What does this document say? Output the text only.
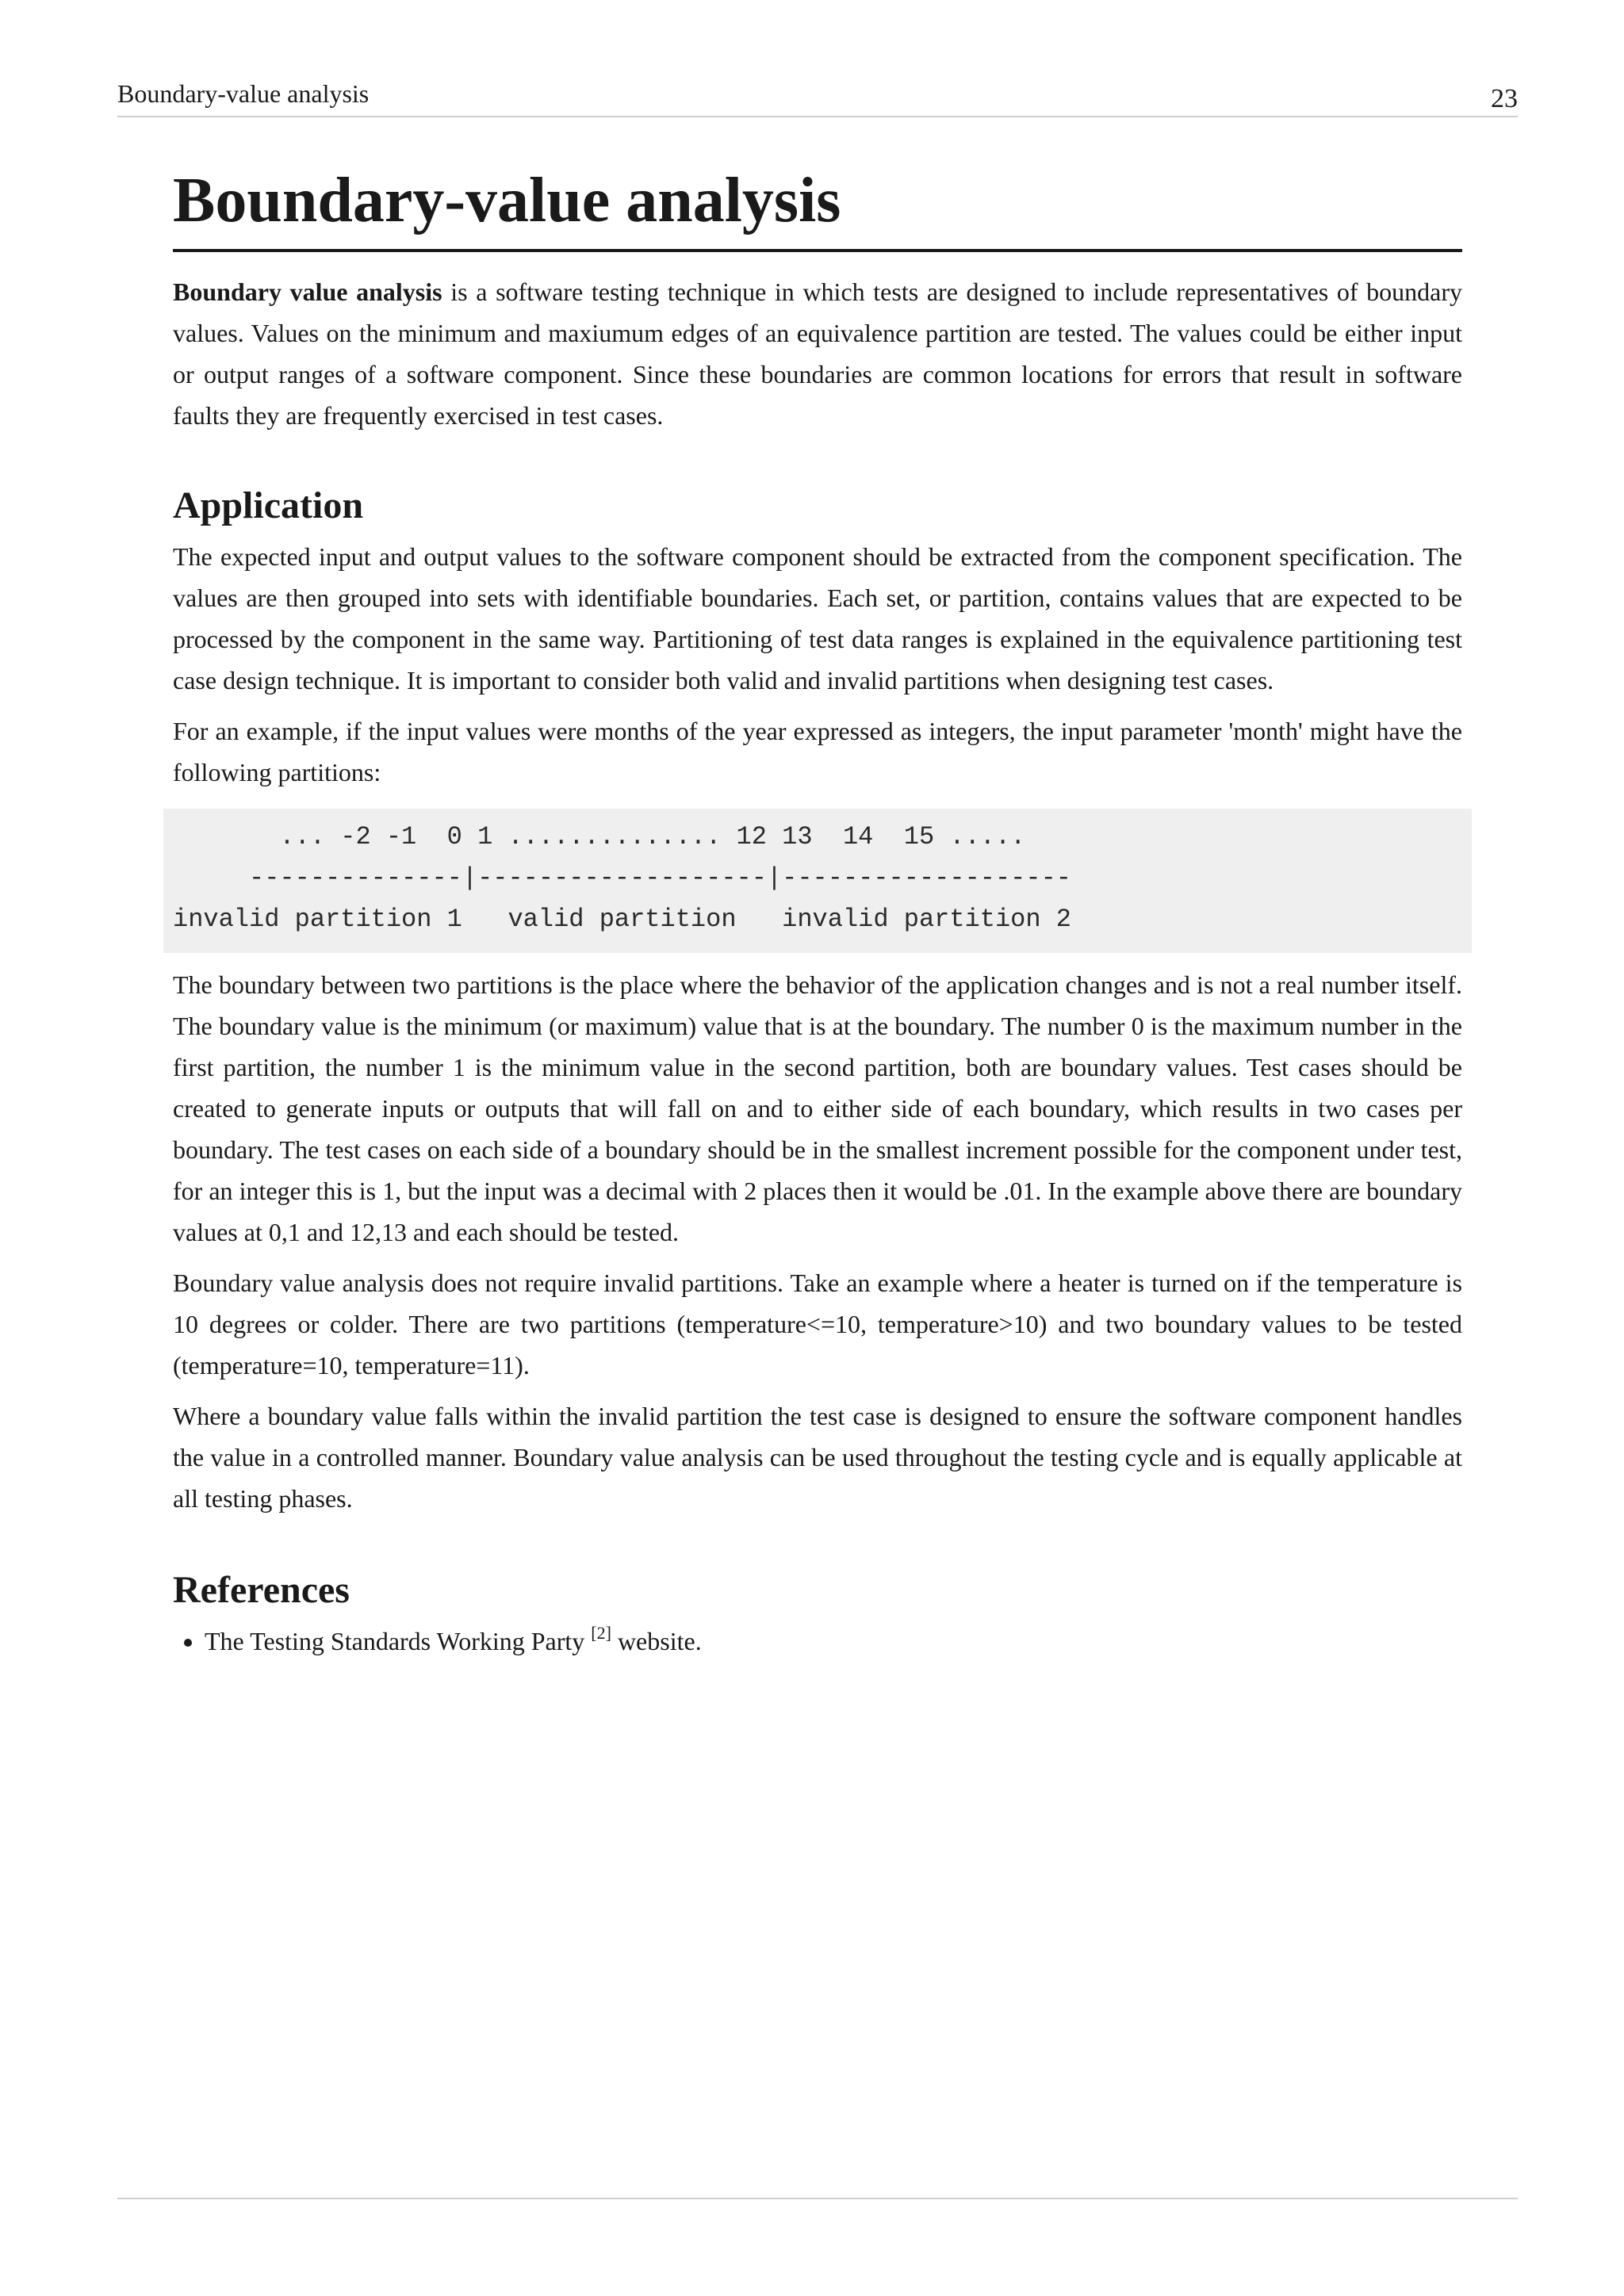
Boundary-value analysis	23
Boundary-value analysis

Boundary value analysis is a software testing technique in which tests are designed to include representatives of boundary values. Values on the minimum and maxiumum edges of an equivalence partition are tested. The values could be either input or output ranges of a software component. Since these boundaries are common locations for errors that result in software faults they are frequently exercised in test cases.

Application

The expected input and output values to the software component should be extracted from the component specification. The values are then grouped into sets with identifiable boundaries. Each set, or partition, contains values that are expected to be processed by the component in the same way. Partitioning of test data ranges is explained in the equivalence partitioning test case design technique. It is important to consider both valid and invalid partitions when designing test cases.

For an example, if the input values were months of the year expressed as integers, the input parameter 'month' might have the following partitions:

... -2 -1  0 1 .............. 12 13  14  15 .....
--------------|-------------------|-------------------
invalid partition 1   valid partition   invalid partition 2

The boundary between two partitions is the place where the behavior of the application changes and is not a real number itself. The boundary value is the minimum (or maximum) value that is at the boundary. The number 0 is the maximum number in the first partition, the number 1 is the minimum value in the second partition, both are boundary values. Test cases should be created to generate inputs or outputs that will fall on and to either side of each boundary, which results in two cases per boundary. The test cases on each side of a boundary should be in the smallest increment possible for the component under test, for an integer this is 1, but the input was a decimal with 2 places then it would be .01. In the example above there are boundary values at 0,1 and 12,13 and each should be tested.

Boundary value analysis does not require invalid partitions. Take an example where a heater is turned on if the temperature is 10 degrees or colder. There are two partitions (temperature<=10, temperature>10) and two boundary values to be tested (temperature=10, temperature=11).

Where a boundary value falls within the invalid partition the test case is designed to ensure the software component handles the value in a controlled manner. Boundary value analysis can be used throughout the testing cycle and is equally applicable at all testing phases.

References
• The Testing Standards Working Party [2] website.
